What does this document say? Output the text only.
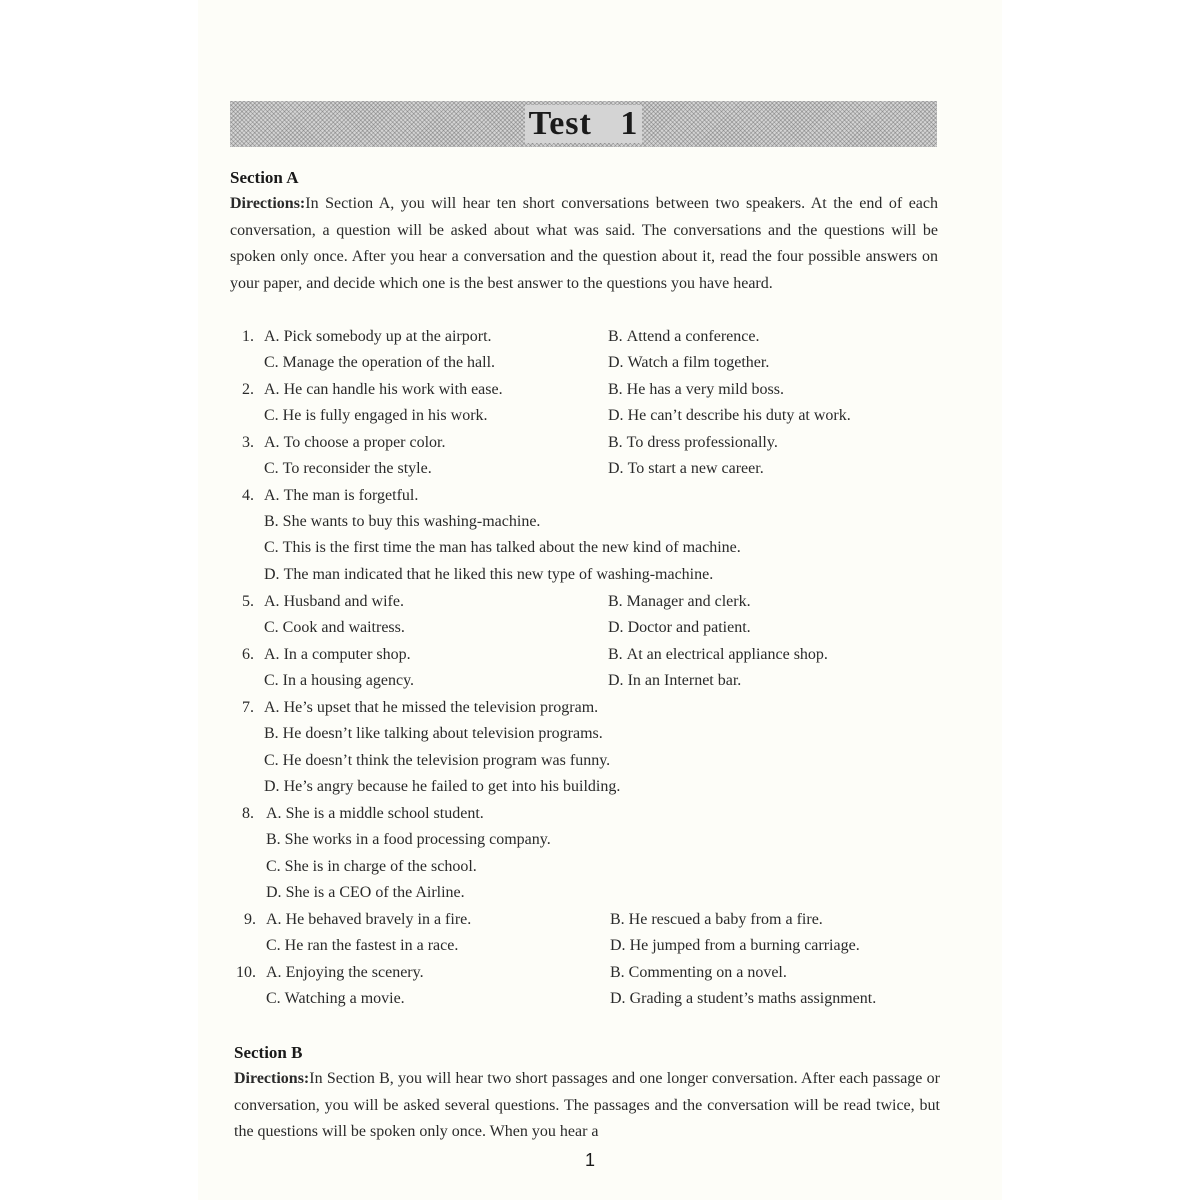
Test   1
Section A
Directions:In Section A, you will hear ten short conversations between two speakers. At the end of each conversation, a question will be asked about what was said. The conversations and the questions will be spoken only once. After you hear a conversation and the question about it, read the four possible answers on your paper, and decide which one is the best answer to the questions you have heard.
1. A. Pick somebody up at the airport.	B. Attend a conference.
C. Manage the operation of the hall.	D. Watch a film together.
2. A. He can handle his work with ease.	B. He has a very mild boss.
C. He is fully engaged in his work.	D. He can’t describe his duty at work.
3. A. To choose a proper color.	B. To dress professionally.
C. To reconsider the style.	D. To start a new career.
4. A. The man is forgetful.
B. She wants to buy this washing-machine.
C. This is the first time the man has talked about the new kind of machine.
D. The man indicated that he liked this new type of washing-machine.
5. A. Husband and wife.	B. Manager and clerk.
C. Cook and waitress.	D. Doctor and patient.
6. A. In a computer shop.	B. At an electrical appliance shop.
C. In a housing agency.	D. In an Internet bar.
7. A. He’s upset that he missed the television program.
B. He doesn’t like talking about television programs.
C. He doesn’t think the television program was funny.
D. He’s angry because he failed to get into his building.
8. A. She is a middle school student.
B. She works in a food processing company.
C. She is in charge of the school.
D. She is a CEO of the Airline.
9. A. He behaved bravely in a fire.	B. He rescued a baby from a fire.
C. He ran the fastest in a race.	D. He jumped from a burning carriage.
10. A. Enjoying the scenery.	B. Commenting on a novel.
C. Watching a movie.	D. Grading a student’s maths assignment.
Section B
Directions:In Section B, you will hear two short passages and one longer conversation. After each passage or conversation, you will be asked several questions. The passages and the conversation will be read twice, but the questions will be spoken only once. When you hear a
1
